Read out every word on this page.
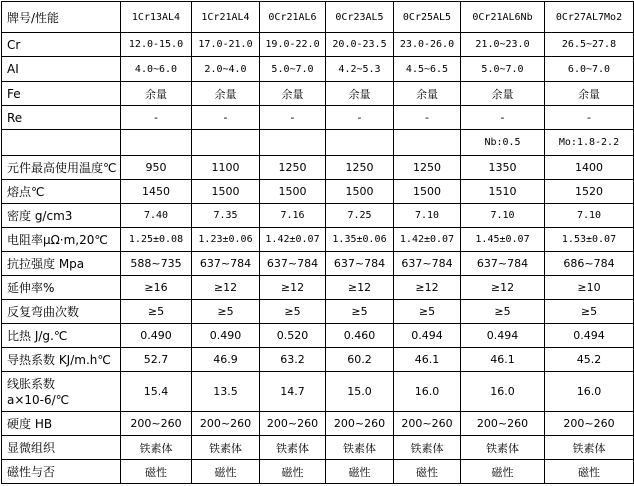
牌号/性能	1Cr13AL4	1Cr21AL4	0Cr21AL6	0Cr23AL5	0Cr25AL5	0Cr21AL6Nb	0Cr27AL7Mo2
Cr	12.0-15.0	17.0-21.0	19.0-22.0	20.0-23.5	23.0-26.0	21.0~23.0	26.5~27.8
AI	4.0~6.0	2.0~4.0	5.0~7.0	4.2~5.3	4.5~6.5	5.0~7.0	6.0~7.0
Fe	余量	余量	余量	余量	余量	余量	余量
Re	-	-	-	-	-	-	-
						Nb:0.5	Mo:1.8-2.2
元件最高使用温度℃	950	1100	1250	1250	1250	1350	1400
熔点℃	1450	1500	1500	1500	1500	1510	1520
密度 g/cm3	7.40	7.35	7.16	7.25	7.10	7.10	7.10
电阻率μΩ·m,20℃	1.25±0.08	1.23±0.06	1.42±0.07	1.35±0.06	1.42±0.07	1.45±0.07	1.53±0.07
抗拉强度 Mpa	588~735	637~784	637~784	637~784	637~784	637~784	686~784
延伸率%	≥16	≥12	≥12	≥12	≥12	≥12	≥10
反复弯曲次数	≥5	≥5	≥5	≥5	≥5	≥5	≥5
比热 J/g.℃	0.490	0.490	0.520	0.460	0.494	0.494	0.494
导热系数 KJ/m.h℃	52.7	46.9	63.2	60.2	46.1	46.1	45.2

线胀系数
a×10-6/℃	15.4	13.5	14.7	15.0	16.0	16.0	16.0
硬度 HB	200~260	200~260	200~260	200~260	200~260	200~260	200~260
显微组织	铁素体	铁素体	铁素体	铁素体	铁素体	铁素体	铁素体
磁性与否	磁性	磁性	磁性	磁性	磁性	磁性	磁性
